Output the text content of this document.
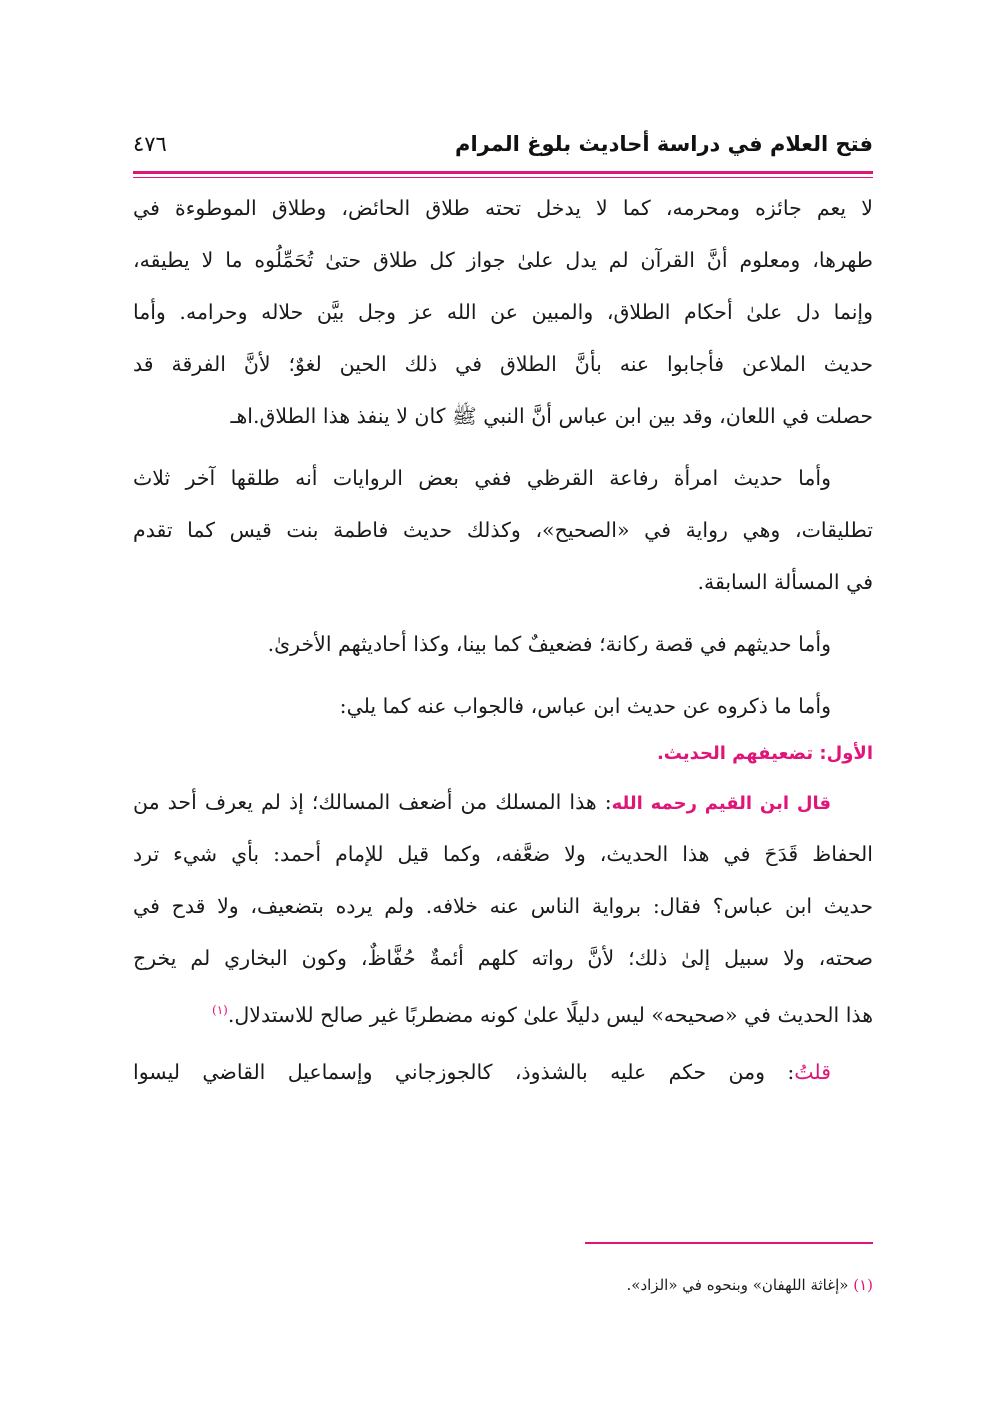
فتح العلام في دراسة أحاديث بلوغ المرام
٤٧٦
لا يعم جائزه ومحرمه، كما لا يدخل تحته طلاق الحائض، وطلاق الموطوءة في
طهرها، ومعلوم أنَّ القرآن لم يدل علىٰ جواز كل طلاق حتىٰ تُحَمِّلُوه ما لا يطيقه،
وإنما دل علىٰ أحكام الطلاق، والمبين عن الله عز وجل بيَّن حلاله وحرامه. وأما
حديث الملاعن فأجابوا عنه بأنَّ الطلاق في ذلك الحين لغوٌ؛ لأنَّ الفرقة قد
حصلت في اللعان، وقد بين ابن عباس أنَّ النبي ﷺ كان لا ينفذ هذا الطلاق.اهـ
وأما حديث امرأة رفاعة القرظي ففي بعض الروايات أنه طلقها آخر ثلاث
تطليقات، وهي رواية في «الصحيح»، وكذلك حديث فاطمة بنت قيس كما تقدم
في المسألة السابقة.
وأما حديثهم في قصة ركانة؛ فضعيفٌ كما بينا، وكذا أحاديثهم الأخرىٰ.
وأما ما ذكروه عن حديث ابن عباس، فالجواب عنه كما يلي:
الأول: تضعيفهم الحديث.
قال ابن القيم رحمه الله: هذا المسلك من أضعف المسالك؛ إذ لم يعرف أحد من
الحفاظ قَدَحَ في هذا الحديث، ولا ضعَّفه، وكما قيل للإمام أحمد: بأي شيء ترد
حديث ابن عباس؟ فقال: برواية الناس عنه خلافه. ولم يرده بتضعيف، ولا قدح في
صحته، ولا سبيل إلىٰ ذلك؛ لأنَّ رواته كلهم أئمةٌ حُفَّاظٌ، وكون البخاري لم يخرج
هذا الحديث في «صحيحه» ليس دليلًا علىٰ كونه مضطربًا غير صالح للاستدلال.$^{(١)}$
قلتُ: ومن حكم عليه بالشذوذ، كالجوزجاني وإسماعيل القاضي ليسوا
(١) «إغاثة اللهفان» وبنحوه في «الزاد».
